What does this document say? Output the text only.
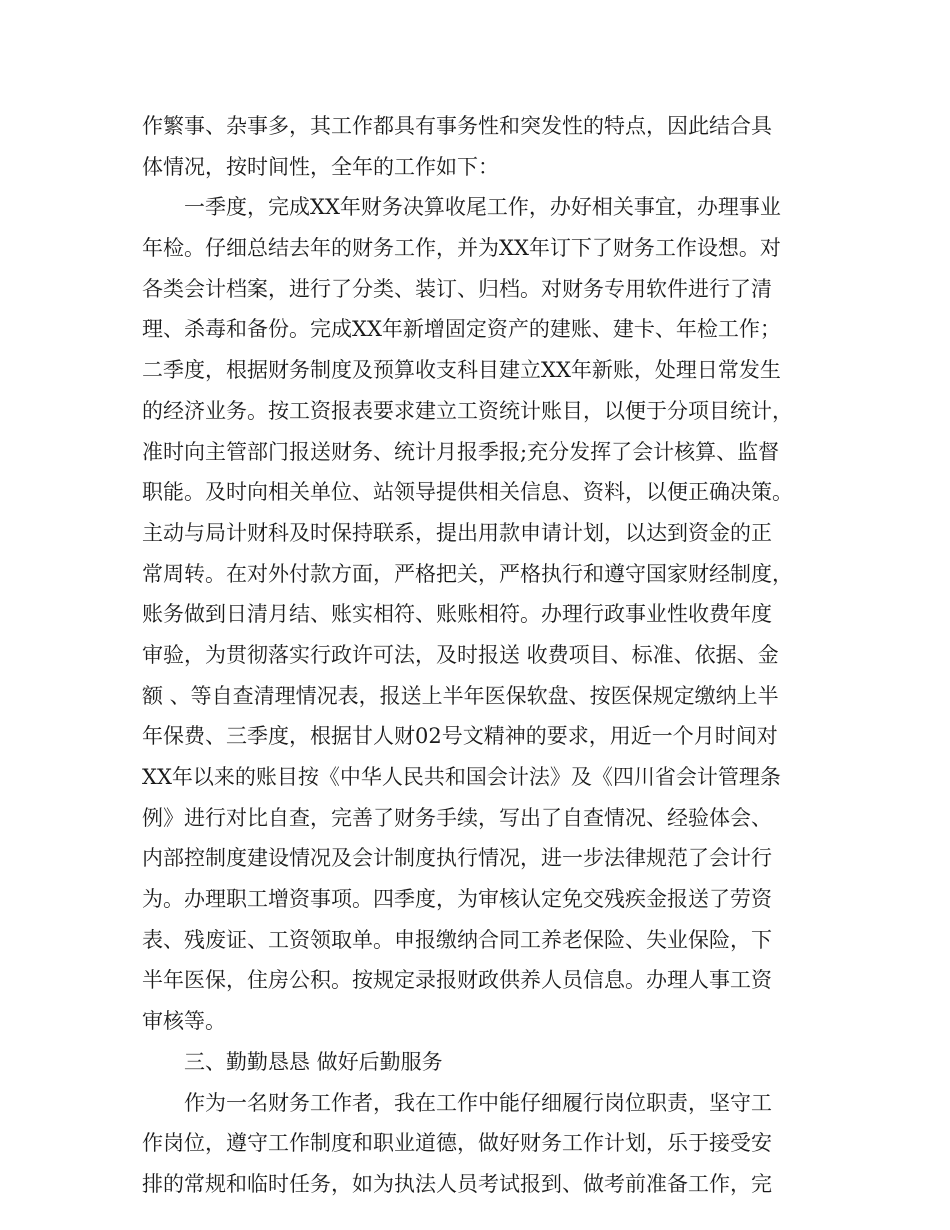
作繁事、杂事多，其工作都具有事务性和突发性的特点，因此结合具
体情况，按时间性，全年的工作如下：
　　一季度，完成XX年财务决算收尾工作，办好相关事宜，办理事业
年检。仔细总结去年的财务工作，并为XX年订下了财务工作设想。对
各类会计档案，进行了分类、装订、归档。对财务专用软件进行了清
理、杀毒和备份。完成XX年新增固定资产的建账、建卡、年检工作；
二季度，根据财务制度及预算收支科目建立XX年新账，处理日常发生
的经济业务。按工资报表要求建立工资统计账目，以便于分项目统计，
准时向主管部门报送财务、统计月报季报;充分发挥了会计核算、监督
职能。及时向相关单位、站领导提供相关信息、资料，以便正确决策。
主动与局计财科及时保持联系，提出用款申请计划，以达到资金的正
常周转。在对外付款方面，严格把关，严格执行和遵守国家财经制度，
账务做到日清月结、账实相符、账账相符。办理行政事业性收费年度
审验，为贯彻落实行政许可法，及时报送 收费项目、标准、依据、金
额 、等自查清理情况表，报送上半年医保软盘、按医保规定缴纳上半
年保费、三季度，根据甘人财02号文精神的要求，用近一个月时间对
XX年以来的账目按《中华人民共和国会计法》及《四川省会计管理条
例》进行对比自查，完善了财务手续，写出了自查情况、经验体会、
内部控制度建设情况及会计制度执行情况，进一步法律规范了会计行
为。办理职工增资事项。四季度，为审核认定免交残疾金报送了劳资
表、残废证、工资领取单。申报缴纳合同工养老保险、失业保险，下
半年医保，住房公积。按规定录报财政供养人员信息。办理人事工资
审核等。
　　三、勤勤恳恳 做好后勤服务
　　作为一名财务工作者，我在工作中能仔细履行岗位职责，坚守工
作岗位，遵守工作制度和职业道德，做好财务工作计划，乐于接受安
排的常规和临时任务，如为执法人员考试报到、做考前准备工作，完
